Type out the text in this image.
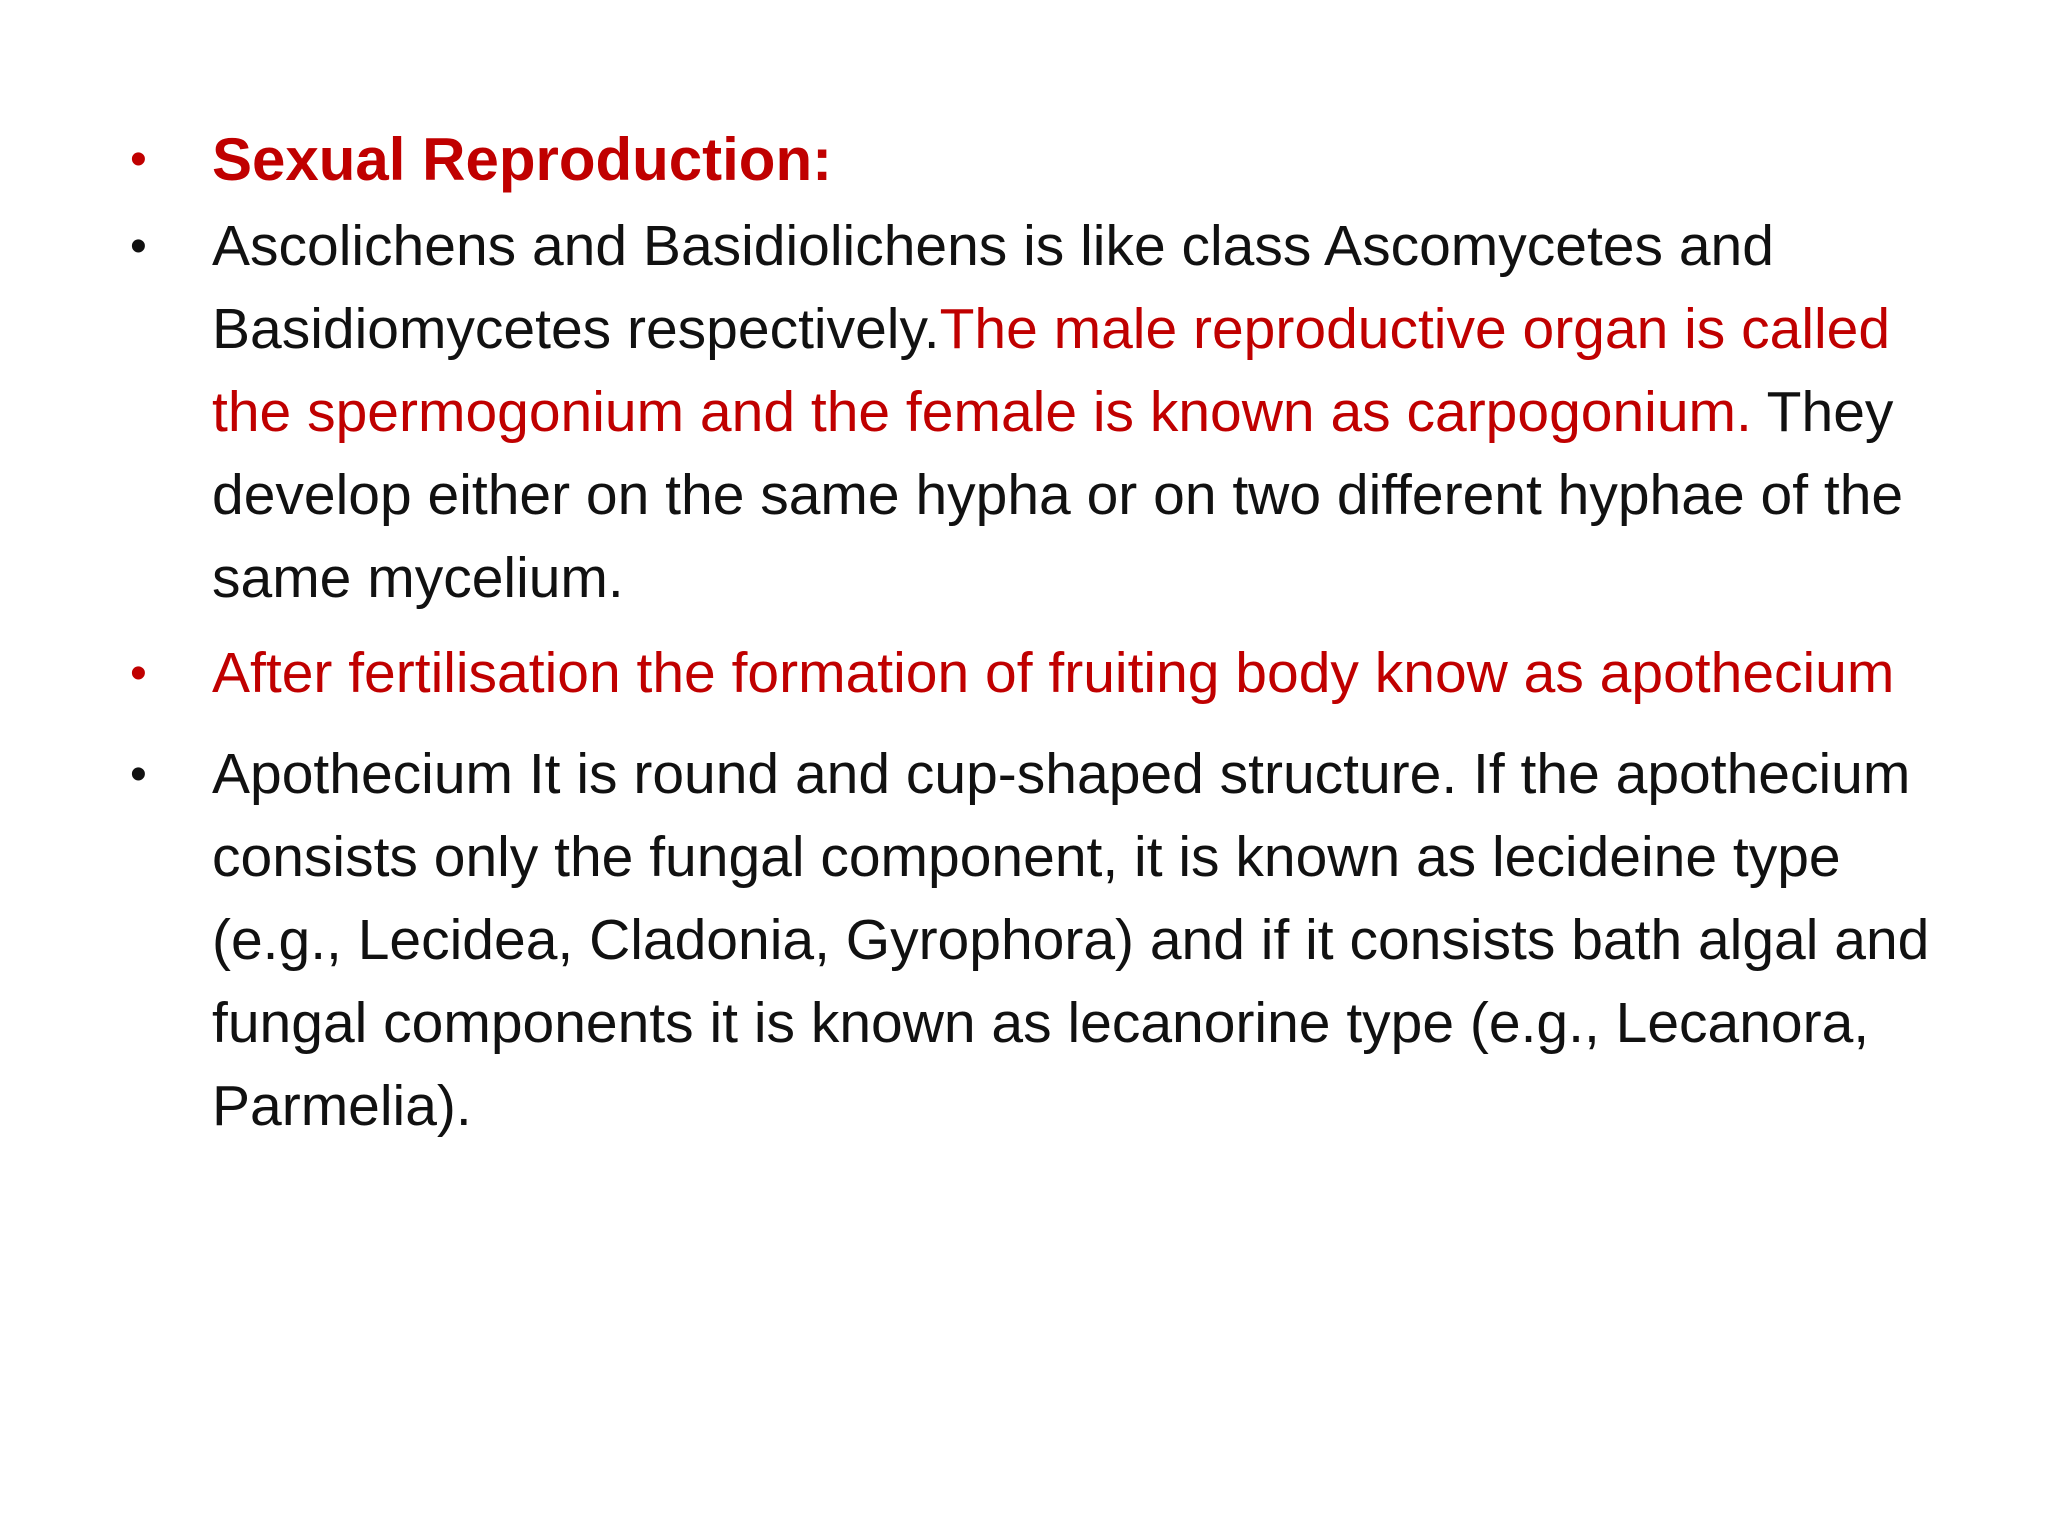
•	Sexual Reproduction:
•	Ascolichens and Basidiolichens is like class Ascomycetes and Basidiomycetes respectively.The male reproductive organ is called the spermogonium and the female is known as carpogonium. They develop either on the same hypha or on two different hyphae of the same mycelium.
•	After fertilisation the formation of fruiting body know as apothecium
•	Apothecium It is round and cup-shaped structure. If the apothecium consists only the fungal component, it is known as lecideine type (e.g., Lecidea, Cladonia, Gyrophora) and if it consists bath algal and fungal components it is known as lecanorine type (e.g., Lecanora, Parmelia).
